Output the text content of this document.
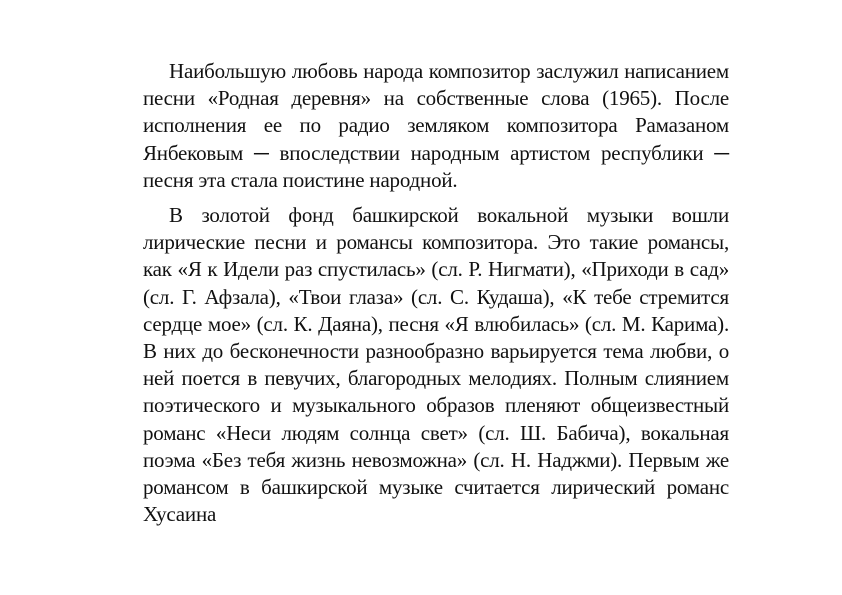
Наибольшую любовь народа композитор заслужил написанием песни «Родная деревня» на собственные слова (1965). После исполнения ее по радио земляком композитора Рамазаном Янбековым ─ впоследствии народным артистом республики ─ песня эта стала поистине народной.

В золотой фонд башкирской вокальной музыки вошли лирические песни и романсы композитора. Это такие романсы, как «Я к Идели раз спустилась» (сл. Р. Нигмати), «Приходи в сад» (сл. Г. Афзала), «Твои глаза» (сл. С. Кудаша), «К тебе стремится сердце мое» (сл. К. Даяна), песня «Я влюбилась» (сл. М. Карима). В них до бесконечности разнообразно варьируется тема любви, о ней поется в певучих, благородных мелодиях. Полным слиянием поэтического и музыкального образов пленяют общеизвестный романс «Неси людям солнца свет» (сл. Ш. Бабича), вокальная поэма «Без тебя жизнь невозможна» (сл. Н. Наджми). Первым же романсом в башкирской музыке считается лирический романс Хусаина
